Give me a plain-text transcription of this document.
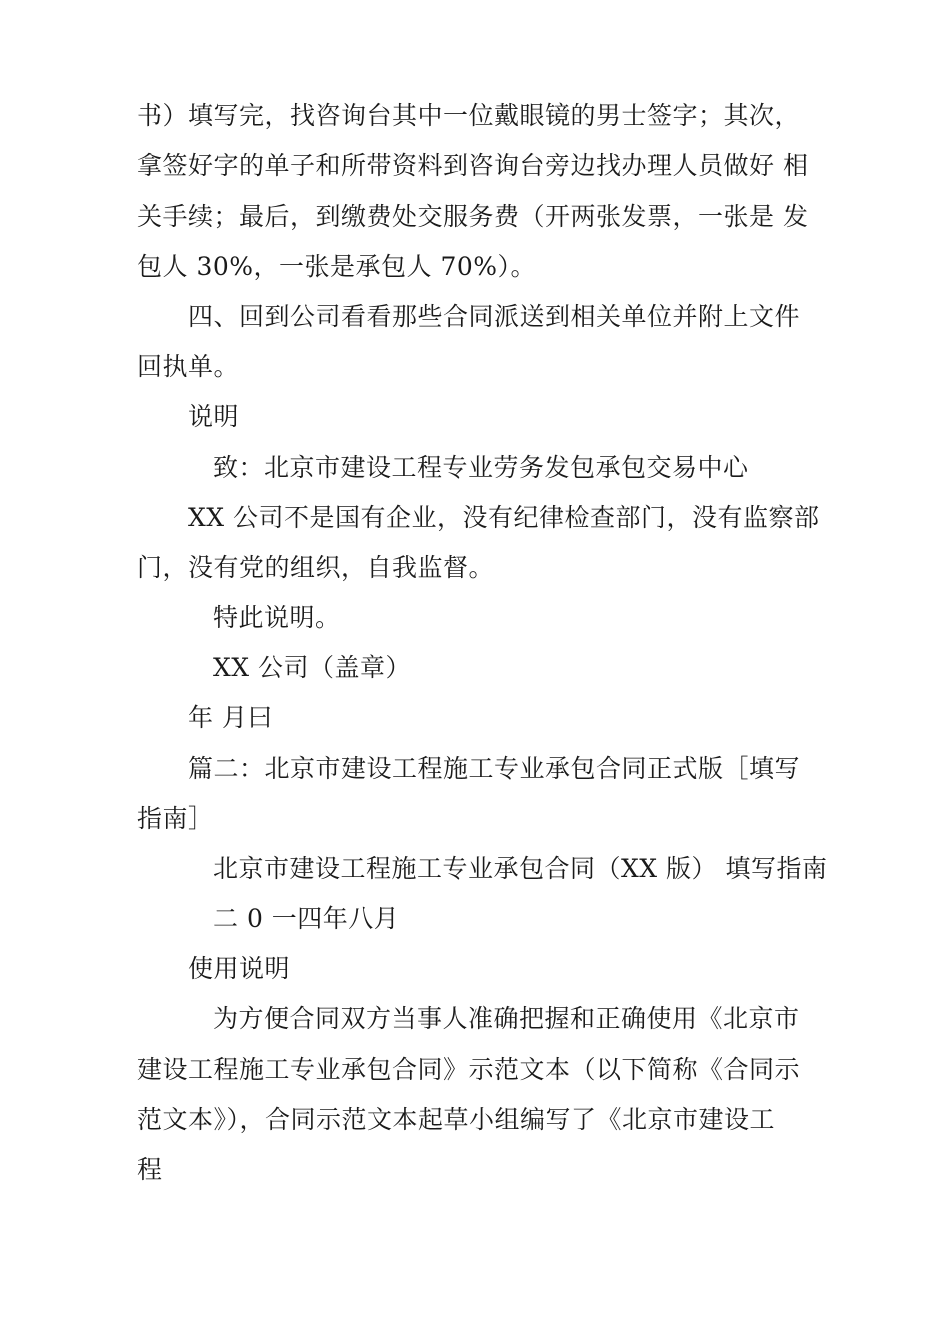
书）填写完，找咨询台其中一位戴眼镜的男士签字；其次，
拿签好字的单子和所带资料到咨询台旁边找办理人员做好 相
关手续；最后，到缴费处交服务费（开两张发票，一张是 发
包人 30%，一张是承包人 70%）。
四、回到公司看看那些合同派送到相关单位并附上文件
回执单。
说明
致：北京市建设工程专业劳务发包承包交易中心
XX 公司不是国有企业，没有纪律检查部门，没有监察部
门，没有党的组织，自我监督。
特此说明。
XX 公司（盖章）
年 月曰
篇二：北京市建设工程施工专业承包合同正式版［填写
指南］
北京市建设工程施工专业承包合同（XX 版） 填写指南
二 0 一四年八月
使用说明
为方便合同双方当事人准确把握和正确使用《北京市
建设工程施工专业承包合同》示范文本（以下简称《合同示
范文本》），合同示范文本起草小组编写了《北京市建设工
程
